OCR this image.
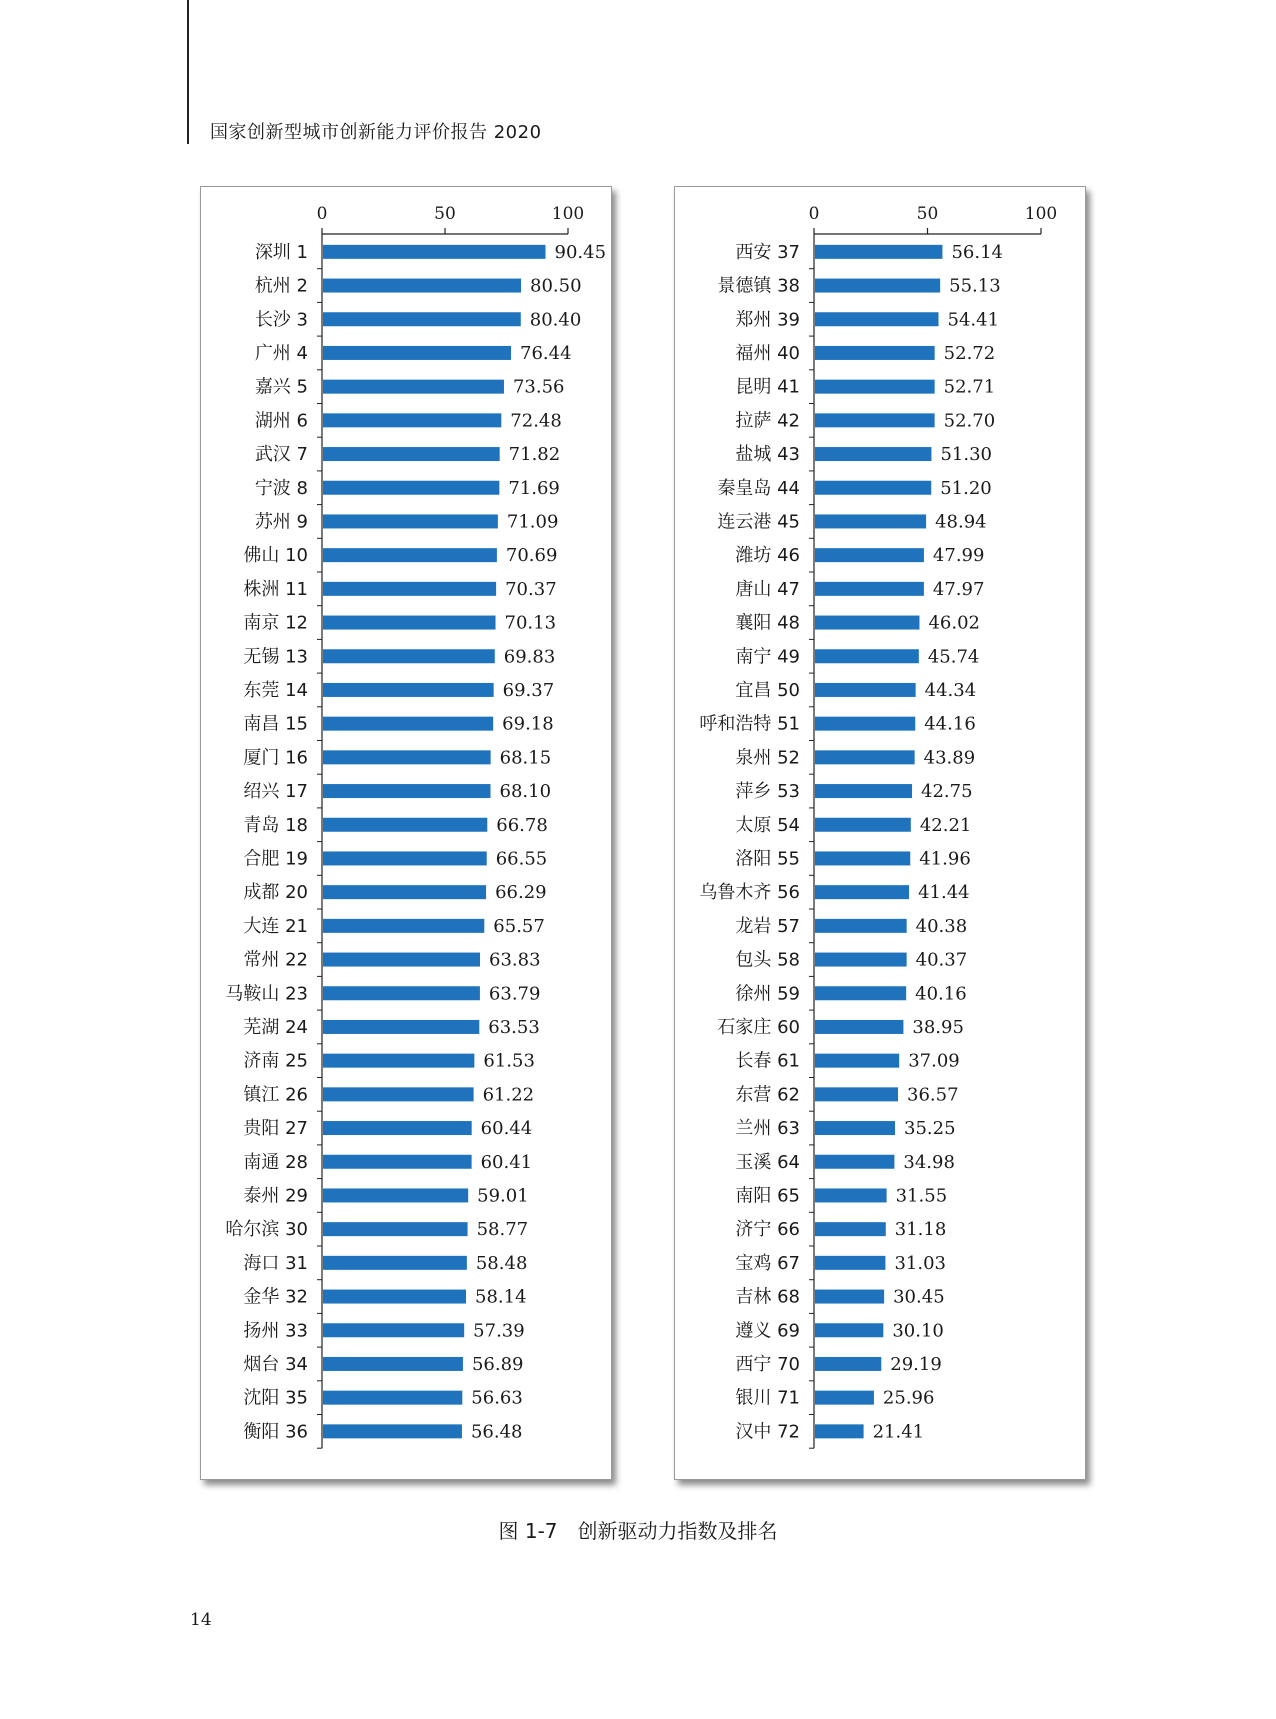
国家创新型城市创新能力评价报告 2020
0	50	100
深圳 1	90.45
杭州 2	80.50
长沙 3	80.40
广州 4	76.44
嘉兴 5	73.56
湖州 6	72.48
武汉 7	71.82
宁波 8	71.69
苏州 9	71.09
佛山 10	70.69
株洲 11	70.37
南京 12	70.13
无锡 13	69.83
东莞 14	69.37
南昌 15	69.18
厦门 16	68.15
绍兴 17	68.10
青岛 18	66.78
合肥 19	66.55
成都 20	66.29
大连 21	65.57
常州 22	63.83
马鞍山 23	63.79
芜湖 24	63.53
济南 25	61.53
镇江 26	61.22
贵阳 27	60.44
南通 28	60.41
泰州 29	59.01
哈尔滨 30	58.77
海口 31	58.48
金华 32	58.14
扬州 33	57.39
烟台 34	56.89
沈阳 35	56.63
衡阳 36	56.48
0	50	100
西安 37	56.14
景德镇 38	55.13
郑州 39	54.41
福州 40	52.72
昆明 41	52.71
拉萨 42	52.70
盐城 43	51.30
秦皇岛 44	51.20
连云港 45	48.94
潍坊 46	47.99
唐山 47	47.97
襄阳 48	46.02
南宁 49	45.74
宜昌 50	44.34
呼和浩特 51	44.16
泉州 52	43.89
萍乡 53	42.75
太原 54	42.21
洛阳 55	41.96
乌鲁木齐 56	41.44
龙岩 57	40.38
包头 58	40.37
徐州 59	40.16
石家庄 60	38.95
长春 61	37.09
东营 62	36.57
兰州 63	35.25
玉溪 64	34.98
南阳 65	31.55
济宁 66	31.18
宝鸡 67	31.03
吉林 68	30.45
遵义 69	30.10
西宁 70	29.19
银川 71	25.96
汉中 72	21.41
图 1-7　创新驱动力指数及排名
14
